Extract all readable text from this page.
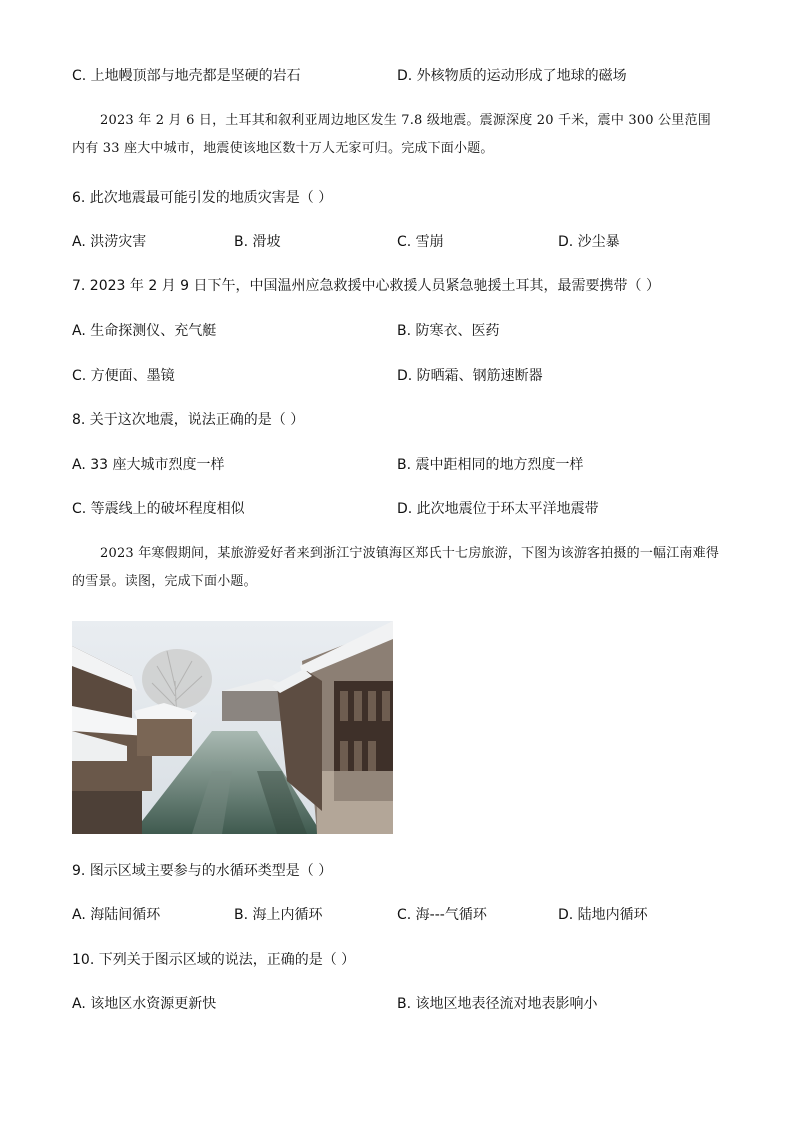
C. 上地幔顶部与地壳都是坚硬的岩石	D. 外核物质的运动形成了地球的磁场
2023 年 2 月 6 日，土耳其和叙利亚周边地区发生 7.8 级地震。震源深度 20 千米，震中 300 公里范围内有 33 座大中城市，地震使该地区数十万人无家可归。完成下面小题。
6. 此次地震最可能引发的地质灾害是（ ）
A. 洪涝灾害	B. 滑坡	C. 雪崩	D. 沙尘暴
7. 2023 年 2 月 9 日下午，中国温州应急救援中心救援人员紧急驰援土耳其，最需要携带（ ）
A. 生命探测仪、充气艇	B. 防寒衣、医药
C. 方便面、墨镜	D. 防晒霜、钢筋速断器
8. 关于这次地震，说法正确的是（ ）
A. 33 座大城市烈度一样	B. 震中距相同的地方烈度一样
C. 等震线上的破坏程度相似	D. 此次地震位于环太平洋地震带
2023 年寒假期间，某旅游爱好者来到浙江宁波镇海区郑氏十七房旅游，下图为该游客拍摄的一幅江南难得的雪景。读图，完成下面小题。
9. 图示区域主要参与的水循环类型是（ ）
A. 海陆间循环	B. 海上内循环	C. 海---气循环	D. 陆地内循环
10. 下列关于图示区域的说法，正确的是（ ）
A. 该地区水资源更新快	B. 该地区地表径流对地表影响小
